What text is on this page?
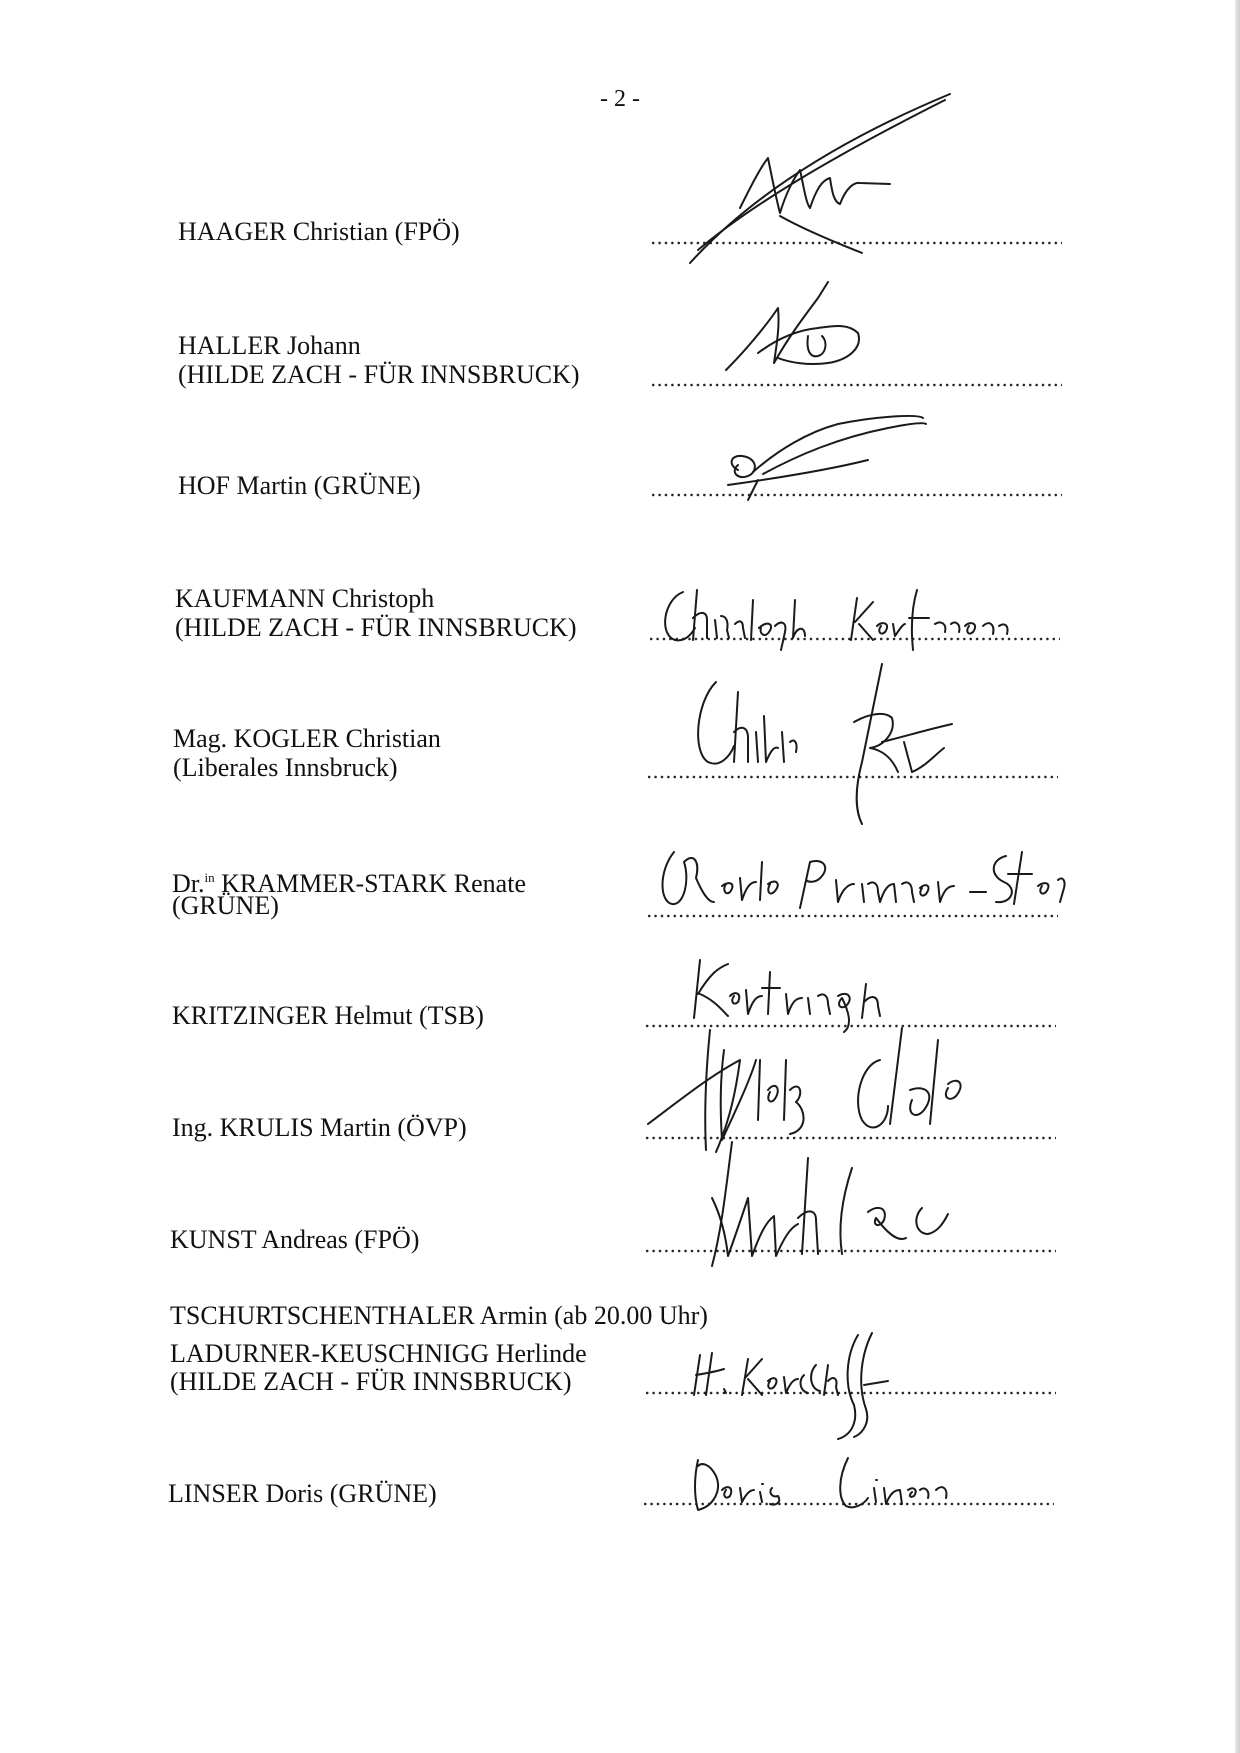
- 2 -
HAAGER Christian (FPÖ)
HALLER Johann
(HILDE ZACH - FÜR INNSBRUCK)
HOF Martin (GRÜNE)
KAUFMANN Christoph
(HILDE ZACH - FÜR INNSBRUCK)
Mag. KOGLER Christian
(Liberales Innsbruck)
Dr.$^{in}$ KRAMMER-STARK Renate
(GRÜNE)
KRITZINGER Helmut (TSB)
Ing. KRULIS Martin (ÖVP)
KUNST Andreas (FPÖ)
TSCHURTSCHENTHALER Armin (ab 20.00 Uhr)
LADURNER-KEUSCHNIGG Herlinde
(HILDE ZACH - FÜR INNSBRUCK)
LINSER Doris (GRÜNE)
